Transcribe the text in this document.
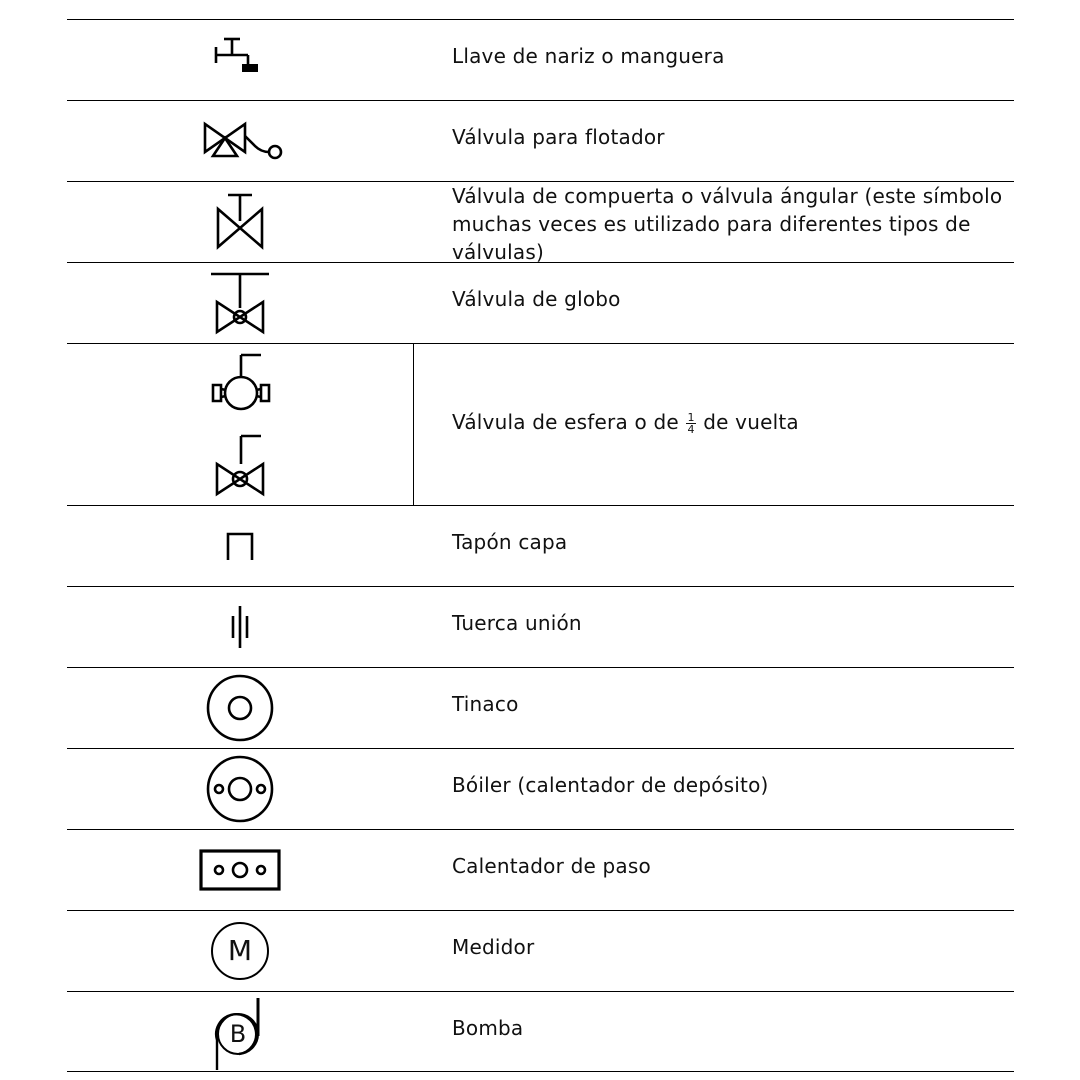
Llave de nariz o manguera
Válvula para flotador
Válvula de compuerta o válvula ángular (este símbolo muchas veces es utilizado para diferentes tipos de válvulas)
Válvula de globo
Válvula de esfera o de $\frac{1}{4}$ de vuelta
Tapón capa
Tuerca unión
Tinaco
Bóiler (calentador de depósito)
Calentador de paso
M	Medidor
B	Bomba
